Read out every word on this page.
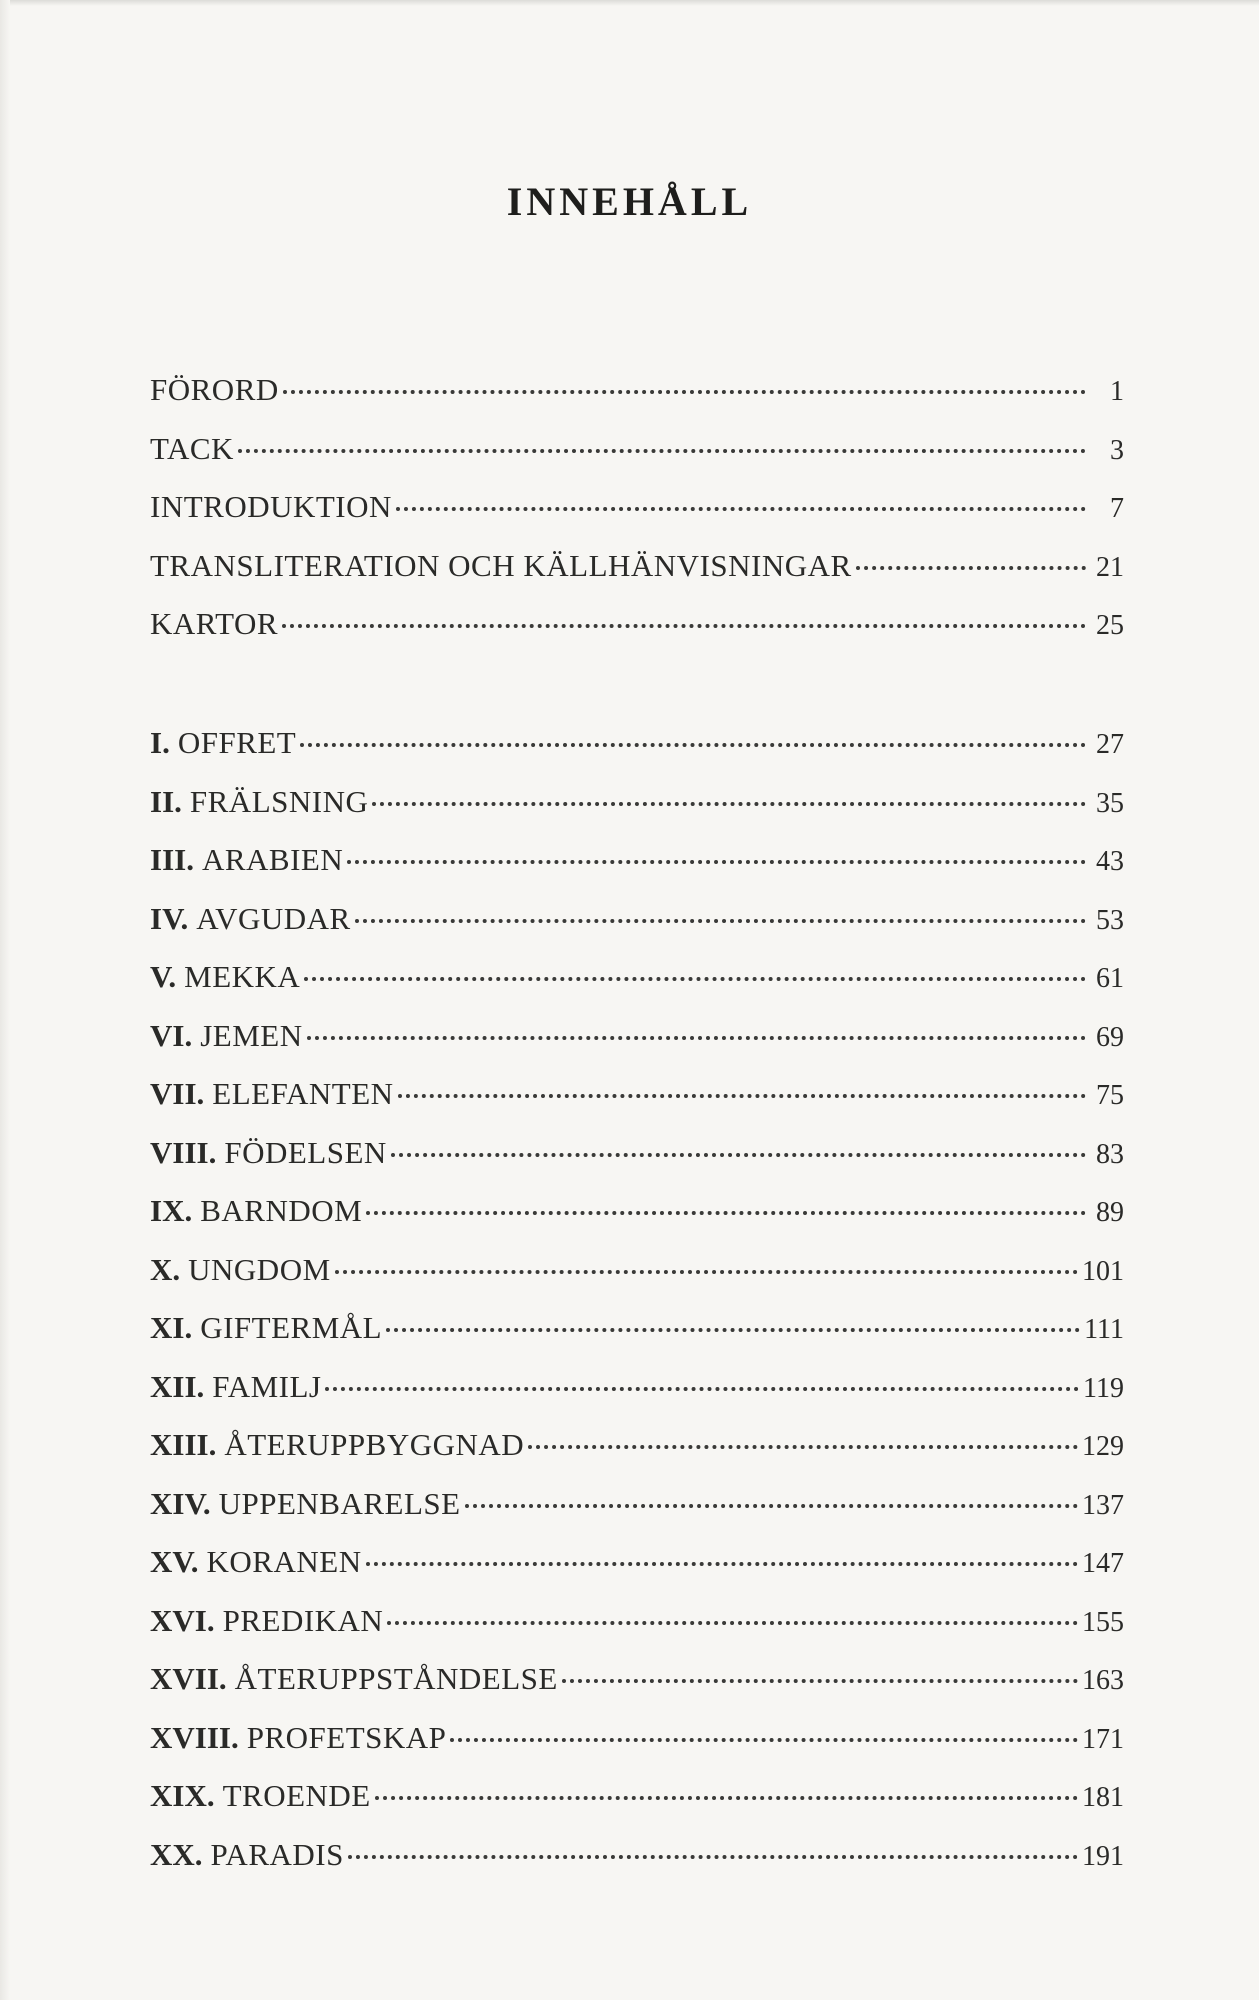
INNEHÅLL
FÖRORD	1
TACK	3
INTRODUKTION	7
TRANSLITERATION OCH KÄLLHÄNVISNINGAR	21
KARTOR	25
I. OFFRET	27
II. FRÄLSNING	35
III. ARABIEN	43
IV. AVGUDAR	53
V. MEKKA	61
VI. JEMEN	69
VII. ELEFANTEN	75
VIII. FÖDELSEN	83
IX. BARNDOM	89
X. UNGDOM	101
XI. GIFTERMÅL	111
XII. FAMILJ	119
XIII. ÅTERUPPBYGGNAD	129
XIV. UPPENBARELSE	137
XV. KORANEN	147
XVI. PREDIKAN	155
XVII. ÅTERUPPSTÅNDELSE	163
XVIII. PROFETSKAP	171
XIX. TROENDE	181
XX. PARADIS	191
